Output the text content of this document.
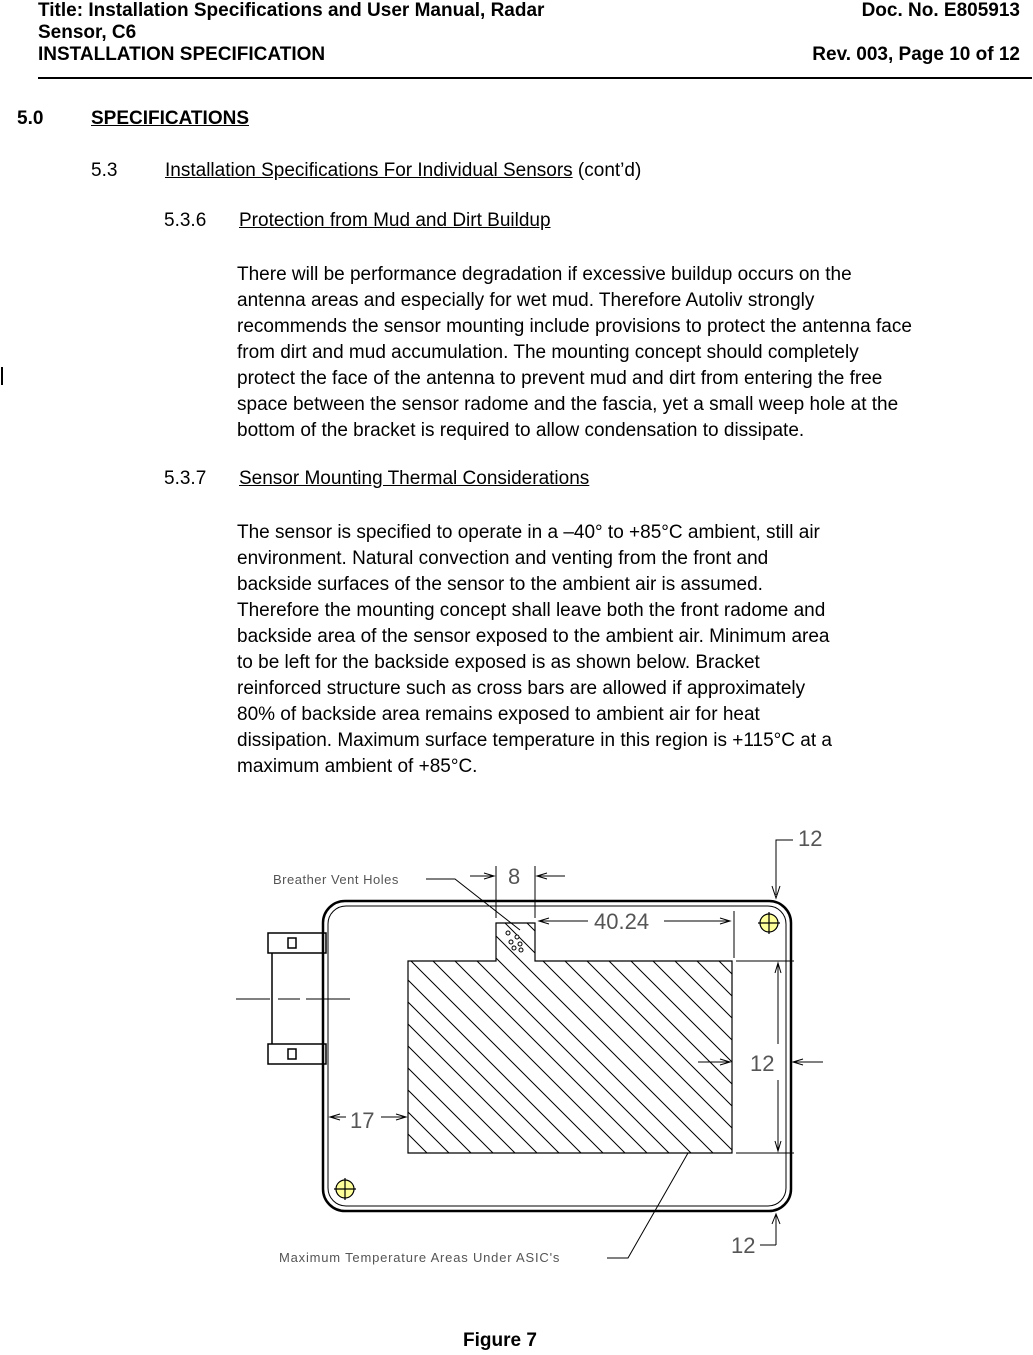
Title: Installation Specifications and User Manual, Radar
Sensor, C6
INSTALLATION SPECIFICATION
Doc. No. E805913
Rev. 003, Page 10 of 12
5.0	SPECIFICATIONS
5.3	Installation Specifications For Individual Sensors (cont’d)
5.3.6 Protection from Mud and Dirt Buildup
There will be performance degradation if excessive buildup occurs on the
antenna areas and especially for wet mud. Therefore Autoliv strongly
recommends the sensor mounting include provisions to protect the antenna face
from dirt and mud accumulation. The mounting concept should completely
protect the face of the antenna to prevent mud and dirt from entering the free
space between the sensor radome and the fascia, yet a small weep hole at the
bottom of the bracket is required to allow condensation to dissipate.
5.3.7 Sensor Mounting Thermal Considerations
The sensor is specified to operate in a –40° to +85°C ambient, still air
environment. Natural convection and venting from the front and
backside surfaces of the sensor to the ambient air is assumed.
Therefore the mounting concept shall leave both the front radome and
backside area of the sensor exposed to the ambient air. Minimum area
to be left for the backside exposed is as shown below. Bracket
reinforced structure such as cross bars are allowed if approximately
80% of backside area remains exposed to ambient air for heat
dissipation. Maximum surface temperature in this region is +115°C at a
maximum ambient of +85°C.
12
8
40.24
12
17
12
Breather Vent Holes
Maximum Temperature Areas Under ASIC's
Figure 7
